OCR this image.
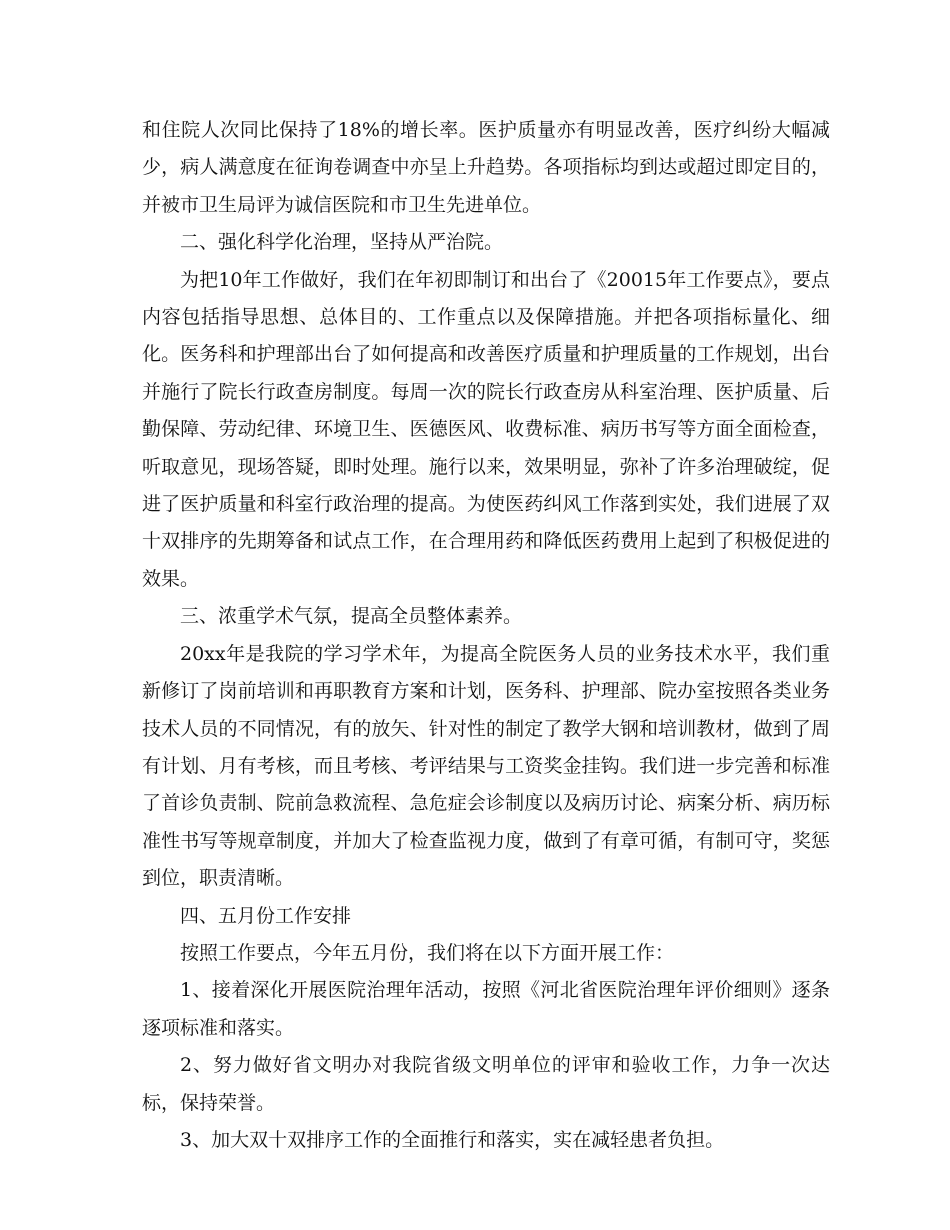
和住院人次同比保持了18%的增长率。医护质量亦有明显改善，医疗纠纷大幅减少，病人满意度在征询卷调查中亦呈上升趋势。各项指标均到达或超过即定目的，并被市卫生局评为诚信医院和市卫生先进单位。

二、强化科学化治理，坚持从严治院。

为把10年工作做好，我们在年初即制订和出台了《20015年工作要点》，要点内容包括指导思想、总体目的、工作重点以及保障措施。并把各项指标量化、细化。医务科和护理部出台了如何提高和改善医疗质量和护理质量的工作规划，出台并施行了院长行政查房制度。每周一次的院长行政查房从科室治理、医护质量、后勤保障、劳动纪律、环境卫生、医德医风、收费标准、病历书写等方面全面检查，听取意见，现场答疑，即时处理。施行以来，效果明显，弥补了许多治理破绽，促进了医护质量和科室行政治理的提高。为使医药纠风工作落到实处，我们进展了双十双排序的先期筹备和试点工作，在合理用药和降低医药费用上起到了积极促进的效果。

三、浓重学术气氛，提高全员整体素养。

20xx年是我院的学习学术年，为提高全院医务人员的业务技术水平，我们重新修订了岗前培训和再职教育方案和计划，医务科、护理部、院办室按照各类业务技术人员的不同情况，有的放矢、针对性的制定了教学大钢和培训教材，做到了周有计划、月有考核，而且考核、考评结果与工资奖金挂钩。我们进一步完善和标准了首诊负责制、院前急救流程、急危症会诊制度以及病历讨论、病案分析、病历标准性书写等规章制度，并加大了检查监视力度，做到了有章可循，有制可守，奖惩到位，职责清晰。

四、五月份工作安排

按照工作要点，今年五月份，我们将在以下方面开展工作：

1、接着深化开展医院治理年活动，按照《河北省医院治理年评价细则》逐条逐项标准和落实。

2、努力做好省文明办对我院省级文明单位的评审和验收工作，力争一次达标，保持荣誉。

3、加大双十双排序工作的全面推行和落实，实在减轻患者负担。
